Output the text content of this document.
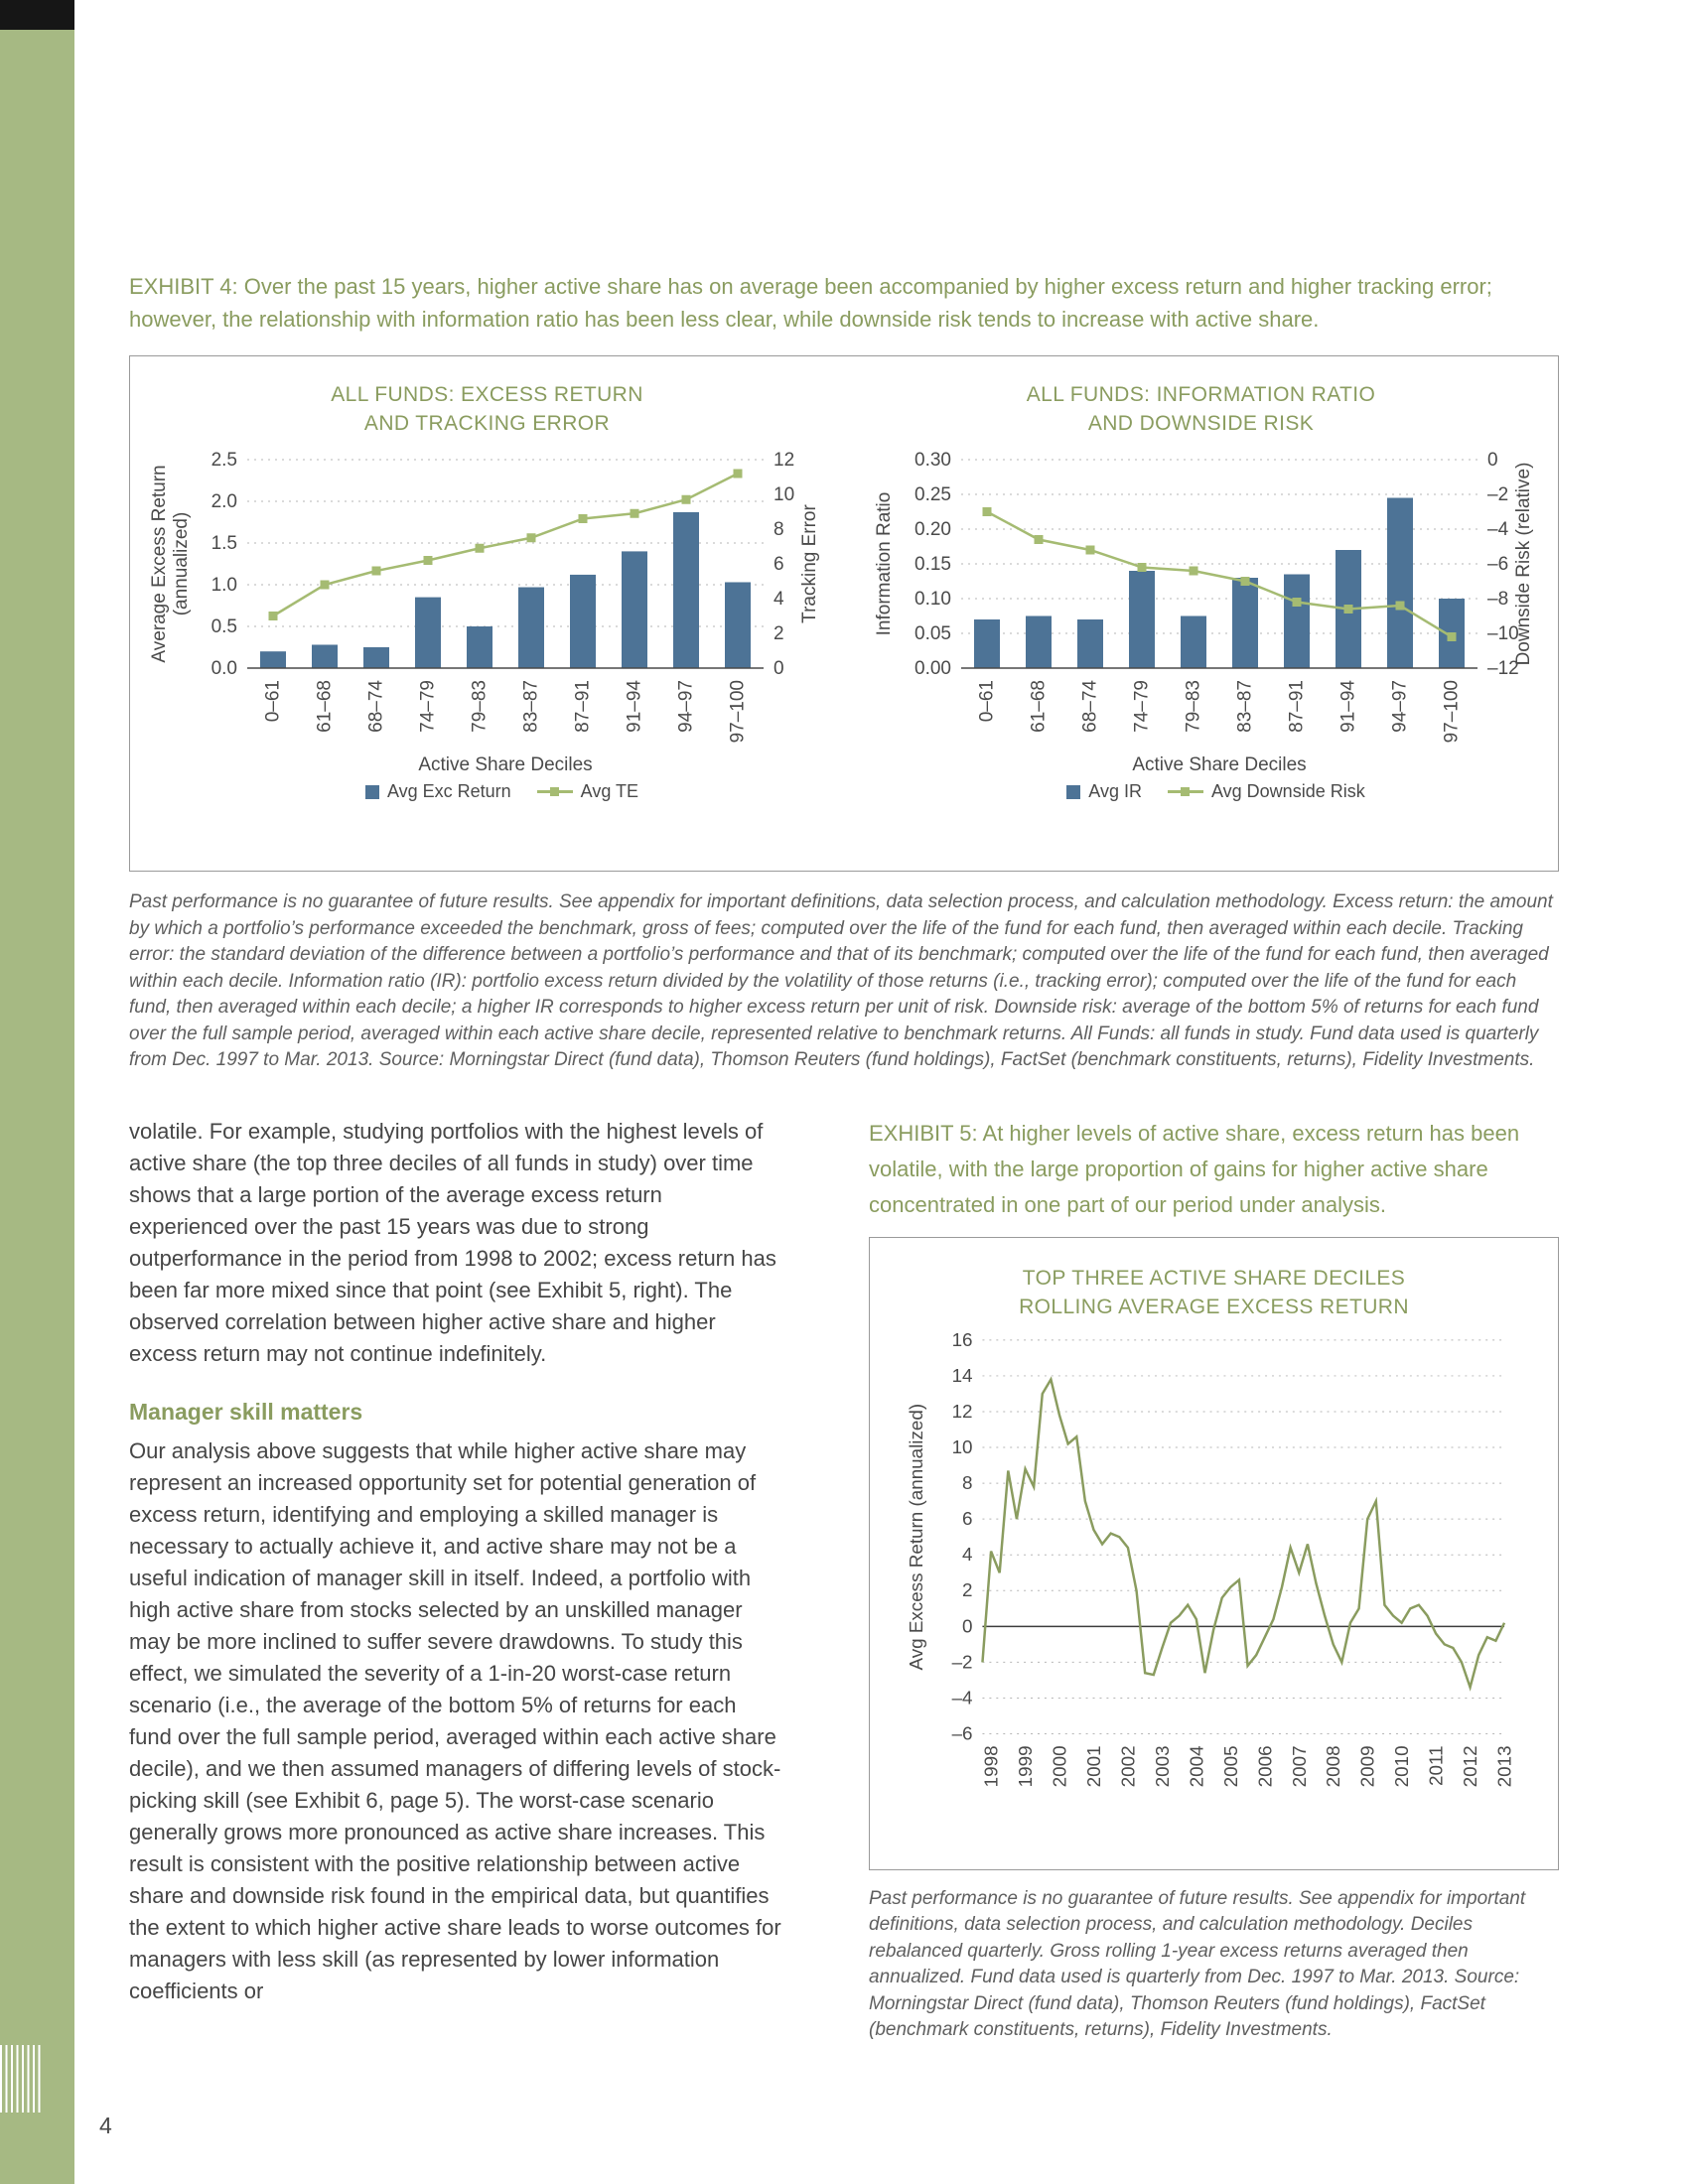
EXHIBIT 4: Over the past 15 years, higher active share has on average been accompanied by higher excess return and higher tracking error; however, the relationship with information ratio has been less clear, while downside risk tends to increase with active share.

ALL FUNDS: EXCESS RETURN
AND TRACKING ERROR
0.0
0.5
1.0
1.5
2.0
2.5
0
2
4
6
8
10
12
Average Excess Return(annualized)	Tracking Error
0–61 61–68 68–74 74–79 79–83 83–87 87–91 91–94 94–97 97–100
Active Share Deciles
Avg Exc Return	Avg TE
ALL FUNDS: INFORMATION RATIO
AND DOWNSIDE RISK
0.00
0.05
0.10
0.15
0.20
0.25
0.30	0
–2
–4
–6
–8
–10
–12
Information Ratio	Downside Risk (relative)
0–61 61–68 68–74 74–79 79–83 83–87 87–91 91–94 94–97 97–100
Active Share Deciles
Avg IR	Avg Downside Risk

Past performance is no guarantee of future results. See appendix for important definitions, data selection process, and calculation methodology. Excess return: the amount by which a portfolio’s performance exceeded the benchmark, gross of fees; computed over the life of the fund for each fund, then averaged within each decile. Tracking error: the standard deviation of the difference between a portfolio’s performance and that of its benchmark; computed over the life of the fund for each fund, then averaged within each decile. Information ratio (IR): portfolio excess return divided by the volatility of those returns (i.e., tracking error); computed over the life of the fund for each fund, then averaged within each decile; a higher IR corresponds to higher excess return per unit of risk. Downside risk: average of the bottom 5% of returns for each fund over the full sample period, averaged within each active share decile, represented relative to benchmark returns. All Funds: all funds in study. Fund data used is quarterly from Dec. 1997 to Mar. 2013. Source: Morningstar Direct (fund data), Thomson Reuters (fund holdings), FactSet (benchmark constituents, returns), Fidelity Investments.

volatile. For example, studying portfolios with the highest levels of active share (the top three deciles of all funds in study) over time shows that a large portion of the average excess return experienced over the past 15 years was due to strong outperformance in the period from 1998 to 2002; excess return has been far more mixed since that point (see Exhibit 5, right). The observed correlation between higher active share and higher excess return may not continue indefinitely.

Manager skill matters

Our analysis above suggests that while higher active share may represent an increased opportunity set for potential generation of excess return, identifying and employing a skilled manager is necessary to actually achieve it, and active share may not be a useful indication of manager skill in itself. Indeed, a portfolio with high active share from stocks selected by an unskilled manager may be more inclined to suffer severe drawdowns. To study this effect, we simulated the severity of a 1-in-20 worst-case return scenario (i.e., the average of the bottom 5% of returns for each fund over the full sample period, averaged within each active share decile), and we then assumed managers of differing levels of stock-picking skill (see Exhibit 6, page 5). The worst-case scenario generally grows more pronounced as active share increases. This result is consistent with the positive relationship between active share and downside risk found in the empirical data, but quantifies the extent to which higher active share leads to worse outcomes for managers with less skill (as represented by lower information coefficients or

EXHIBIT 5: At higher levels of active share, excess return has been volatile, with the large proportion of gains for higher active share concentrated in one part of our period under analysis.

TOP THREE ACTIVE SHARE DECILES
ROLLING AVERAGE EXCESS RETURN
16
14
12
10
8
6
4
2
0
–2
–4
–6
Avg Excess Return (annualized)
1998 1999 2000 2001 2002 2003 2004 2005 2006 2007 2008 2009 2010 2011 2012 2013

Past performance is no guarantee of future results. See appendix for important definitions, data selection process, and calculation methodology. Deciles rebalanced quarterly. Gross rolling 1-year excess returns averaged then annualized. Fund data used is quarterly from Dec. 1997 to Mar. 2013. Source: Morningstar Direct (fund data), Thomson Reuters (fund holdings), FactSet (benchmark constituents, returns), Fidelity Investments.

4
